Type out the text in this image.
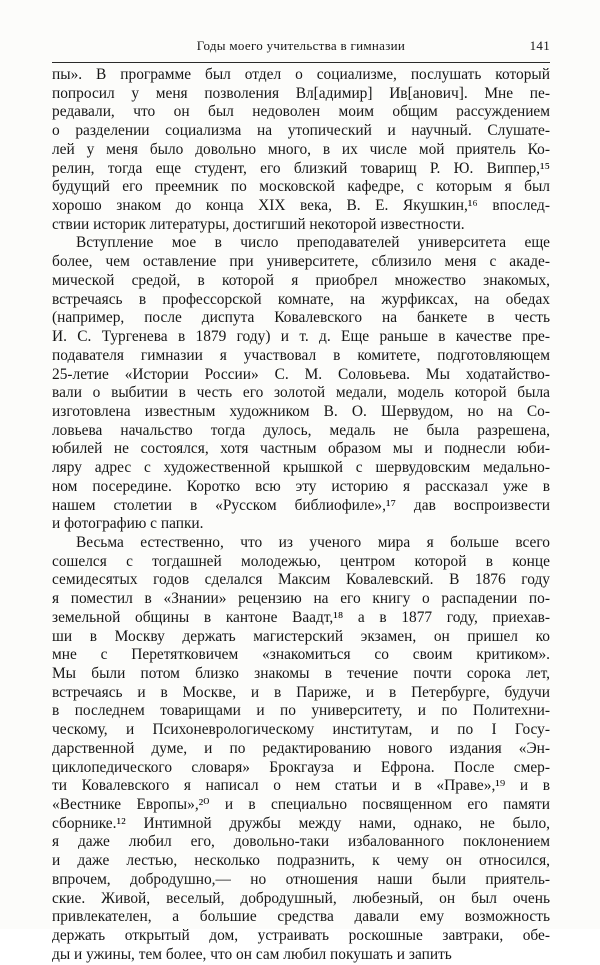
Годы моего учительства в гимназии	141
пы». В программе был отдел о социализме, послушать который
попросил у меня позволения Вл[адимир] Ив[анович]. Мне пе-
редавали, что он был недоволен моим общим рассуждением
о разделении социализма на утопический и научный. Слушате-
лей у меня было довольно много, в их числе мой приятель Ко-
релин, тогда еще студент, его близкий товарищ Р. Ю. Виппер,¹⁵
будущий его преемник по московской кафедре, с которым я был
хорошо знаком до конца XIX века, В. Е. Якушкин,¹⁶ впослед-
ствии историк литературы, достигший некоторой известности.
Вступление мое в число преподавателей университета еще
более, чем оставление при университете, сблизило меня с акаде-
мической средой, в которой я приобрел множество знакомых,
встречаясь в профессорской комнате, на журфиксах, на обедах
(например, после диспута Ковалевского на банкете в честь
И. С. Тургенева в 1879 году) и т. д. Еще раньше в качестве пре-
подавателя гимназии я участвовал в комитете, подготовляющем
25-летие «Истории России» С. М. Соловьева. Мы ходатайство-
вали о выбитии в честь его золотой медали, модель которой была
изготовлена известным художником В. О. Шервудом, но на Со-
ловьева начальство тогда дулось, медаль не была разрешена,
юбилей не состоялся, хотя частным образом мы и поднесли юби-
ляру адрес с художественной крышкой с шервудовским медально-
ном посередине. Коротко всю эту историю я рассказал уже в
нашем столетии в «Русском библиофиле»,¹⁷ дав воспроизвести
и фотографию с папки.
Весьма естественно, что из ученого мира я больше всего
сошелся с тогдашней молодежью, центром которой в конце
семидесятых годов сделался Максим Ковалевский. В 1876 году
я поместил в «Знании» рецензию на его книгу о распадении по-
земельной общины в кантоне Ваадт,¹⁸ а в 1877 году, приехав-
ши в Москву держать магистерский экзамен, он пришел ко
мне с Перетятковичем «знакомиться со своим критиком».
Мы были потом близко знакомы в течение почти сорока лет,
встречаясь и в Москве, и в Париже, и в Петербурге, будучи
в последнем товарищами и по университету, и по Политехни-
ческому, и Психоневрологическому институтам, и по I Госу-
дарственной думе, и по редактированию нового издания «Эн-
циклопедического словаря» Брокгауза и Ефрона. После смер-
ти Ковалевского я написал о нем статьи и в «Праве»,¹⁹ и в
«Вестнике Европы»,²⁰ и в специально посвященном его памяти
сборнике.¹² Интимной дружбы между нами, однако, не было,
я даже любил его, довольно-таки избалованного поклонением
и даже лестью, несколько подразнить, к чему он относился,
впрочем, добродушно,— но отношения наши были приятель-
ские. Живой, веселый, добродушный, любезный, он был очень
привлекателен, а большие средства давали ему возможность
держать открытый дом, устраивать роскошные завтраки, обе-
ды и ужины, тем более, что он сам любил покушать и запить
